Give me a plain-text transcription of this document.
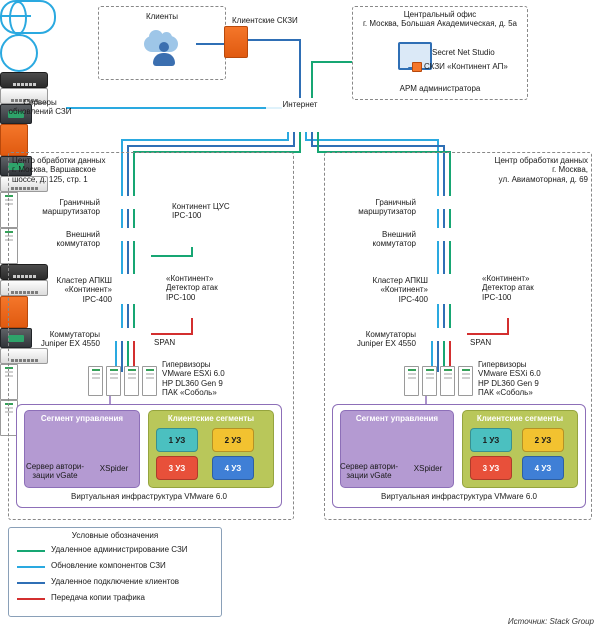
Клиенты	Клиентские СКЗИ
Центральный офис
г. Москва, Большая Академическая, д. 5а
Secret Net Studio
СКЗИ «Континент АП»
АРМ администратора
Серверы
обновлений СЗИ
Интернет
Центр обработки данных
г. Москва, Варшавское
шоссе, д. 125, стр. 1
Граничный
маршрутизатор
Внешний
коммутатор
Континент ЦУС
IPC-100
Кластер АПКШ
«Континент»
IPC-400
«Континент»
Детектор атак
IPC-100
Коммутаторы
Juniper EX 4550	SPAN
Гипервизоры
VMware ESXi 6.0
HP DL360 Gen 9
ПАК «Соболь»
Виртуальная инфраструктура VMware 6.0
Сегмент управления
Сервер автори-
зации vGate
XSpider
Клиентские сегменты
1 УЗ	2 УЗ
3 УЗ	4 УЗ
Центр обработки данных
г. Москва,
ул. Авиамоторная, д. 69
Граничный
маршрутизатор
Внешний
коммутатор
Кластер АПКШ
«Континент»
IPC-400
«Континент»
Детектор атак
IPC-100
Коммутаторы
Juniper EX 4550	SPAN
Гипервизоры
VMware ESXi 6.0
HP DL360 Gen 9
ПАК «Соболь»
Виртуальная инфраструктура VMware 6.0
Сегмент управления
Сервер автори-
зации vGate
XSpider
Клиентские сегменты
1 УЗ	2 УЗ
3 УЗ	4 УЗ
Условные обозначения
Удаленное администрирование СЗИ
Обновление компонентов СЗИ
Удаленное подключение клиентов
Передача копии трафика
Источник: Stack Group
